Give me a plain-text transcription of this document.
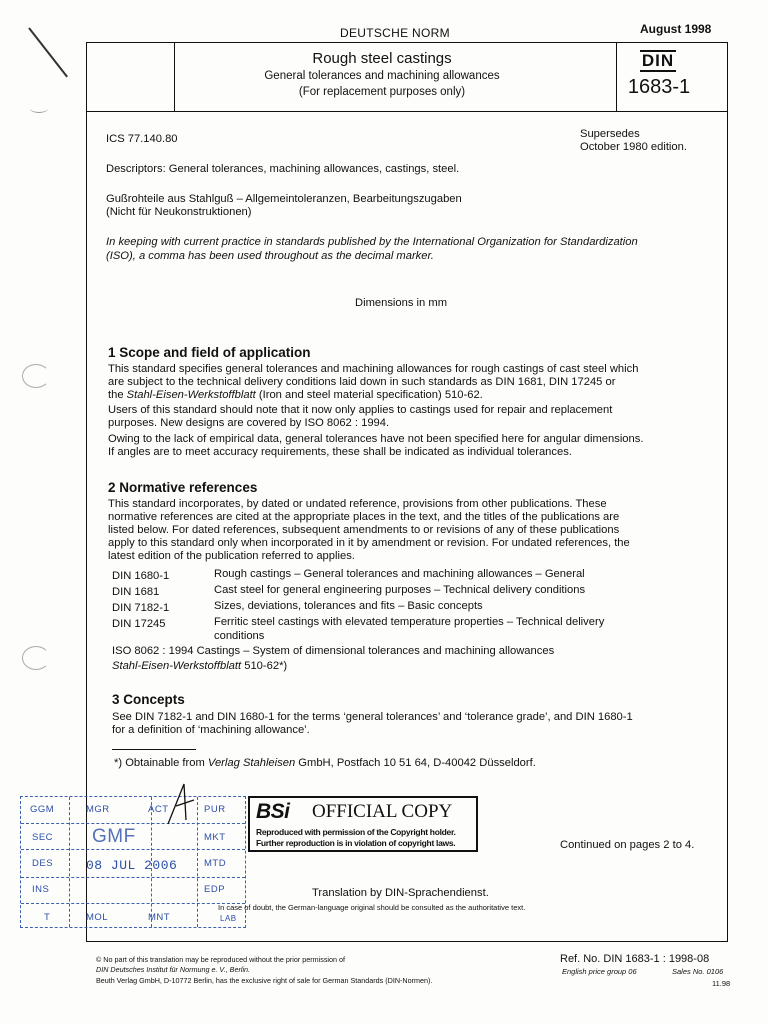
DEUTSCHE NORM	August 1998
Rough steel castings
General tolerances and machining allowances
(For replacement purposes only)
DIN
1683-1
ICS 77.140.80	Supersedes
October 1980 edition.
Descriptors: General tolerances, machining allowances, castings, steel.
Gußrohteile aus Stahlguß – Allgemeintoleranzen, Bearbeitungszugaben
(Nicht für Neukonstruktionen)
In keeping with current practice in standards published by the International Organization for Standardization
(ISO), a comma has been used throughout as the decimal marker.
Dimensions in mm
1 Scope and field of application
This standard specifies general tolerances and machining allowances for rough castings of cast steel which
are subject to the technical delivery conditions laid down in such standards as DIN 1681, DIN 17245 or
the Stahl-Eisen-Werkstoffblatt (Iron and steel material specification) 510-62.
Users of this standard should note that it now only applies to castings used for repair and replacement
purposes. New designs are covered by ISO 8062 : 1994.
Owing to the lack of empirical data, general tolerances have not been specified here for angular dimensions.
If angles are to meet accuracy requirements, these shall be indicated as individual tolerances.
2 Normative references
This standard incorporates, by dated or undated reference, provisions from other publications. These
normative references are cited at the appropriate places in the text, and the titles of the publications are
listed below. For dated references, subsequent amendments to or revisions of any of these publications
apply to this standard only when incorporated in it by amendment or revision. For undated references, the
latest edition of the publication referred to applies.
DIN 1680-1	Rough castings – General tolerances and machining allowances – General
DIN 1681	Cast steel for general engineering purposes – Technical delivery conditions
DIN 7182-1	Sizes, deviations, tolerances and fits – Basic concepts
DIN 17245	Ferritic steel castings with elevated temperature properties – Technical delivery
conditions
ISO 8062 : 1994 Castings – System of dimensional tolerances and machining allowances
Stahl-Eisen-Werkstoffblatt 510-62*)
3 Concepts
See DIN 7182-1 and DIN 1680-1 for the terms ‘general tolerances’ and ‘tolerance grade’, and DIN 1680-1
for a definition of ‘machining allowance’.
*) Obtainable from Verlag Stahleisen GmbH, Postfach 10 51 64, D-40042 Düsseldorf.
GGM
SEC
DES
INS
T
MGR
GMF
08 JUL 2006
MOL
ACT
MNT
PUR
MKT
MTD
EDP
LAB
BSi OFFICIAL COPY
Reproduced with permission of the Copyright holder.
Further reproduction is in violation of copyright laws.	Continued on pages 2 to 4.
Translation by DIN-Sprachendienst.
In case of doubt, the German-language original should be consulted as the authoritative text.
© No part of this translation may be reproduced without the prior permission of
DIN Deutsches Institut für Normung e. V., Berlin.
Beuth Verlag GmbH, D-10772 Berlin, has the exclusive right of sale for German Standards (DIN-Normen).
Ref. No. DIN 1683-1 : 1998-08
English price group 06	Sales No. 0106
11.98
